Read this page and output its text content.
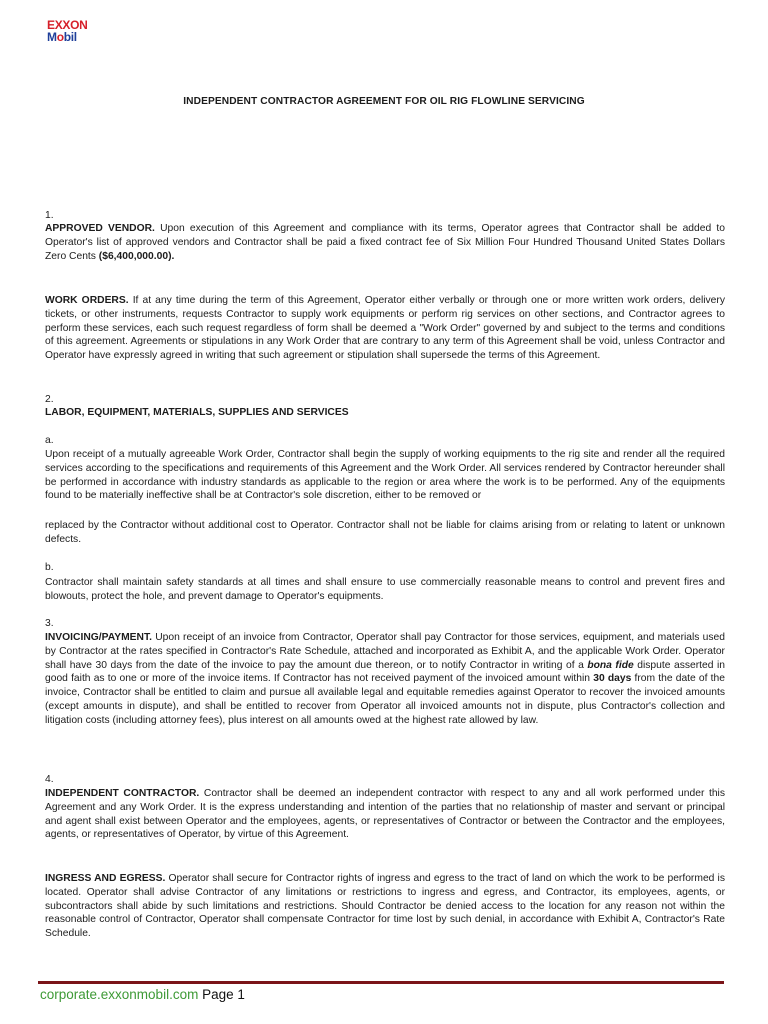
EXXON
Mobil
INDEPENDENT CONTRACTOR AGREEMENT FOR OIL RIG FLOWLINE SERVICING
1.

APPROVED VENDOR. Upon execution of this Agreement and compliance with its terms, Operator agrees that Contractor shall be added to Operator's list of approved vendors and Contractor shall be paid a fixed contract fee of Six Million Four Hundred Thousand United States Dollars Zero Cents ($6,400,000.00).

WORK ORDERS. If at any time during the term of this Agreement, Operator either verbally or through one or more written work orders, delivery tickets, or other instruments, requests Contractor to supply work equipments or perform rig services on other sections, and Contractor agrees to perform these services, each such request regardless of form shall be deemed a "Work Order" governed by and subject to the terms and conditions of this agreement. Agreements or stipulations in any Work Order that are contrary to any term of this Agreement shall be void, unless Contractor and Operator have expressly agreed in writing that such agreement or stipulation shall supersede the terms of this Agreement.

2.
LABOR, EQUIPMENT, MATERIALS, SUPPLIES AND SERVICES
a.

Upon receipt of a mutually agreeable Work Order, Contractor shall begin the supply of working equipments to the rig site and render all the required services according to the specifications and requirements of this Agreement and the Work Order. All services rendered by Contractor hereunder shall be performed in accordance with industry standards as applicable to the region or area where the work is to be performed. Any of the equipments found to be materially ineffective shall be at Contractor's sole discretion, either to be removed or

replaced by the Contractor without additional cost to Operator. Contractor shall not be liable for claims arising from or relating to latent or unknown defects.

b.

Contractor shall maintain safety standards at all times and shall ensure to use commercially reasonable means to control and prevent fires and blowouts, protect the hole, and prevent damage to Operator's equipments.

3.

INVOICING/PAYMENT. Upon receipt of an invoice from Contractor, Operator shall pay Contractor for those services, equipment, and materials used by Contractor at the rates specified in Contractor's Rate Schedule, attached and incorporated as Exhibit A, and the applicable Work Order. Operator shall have 30 days from the date of the invoice to pay the amount due thereon, or to notify Contractor in writing of a bona fide dispute asserted in good faith as to one or more of the invoice items. If Contractor has not received payment of the invoiced amount within 30 days from the date of the invoice, Contractor shall be entitled to claim and pursue all available legal and equitable remedies against Operator to recover the invoiced amounts (except amounts in dispute), and shall be entitled to recover from Operator all invoiced amounts not in dispute, plus Contractor's collection and litigation costs (including attorney fees), plus interest on all amounts owed at the highest rate allowed by law.

4.

INDEPENDENT CONTRACTOR. Contractor shall be deemed an independent contractor with respect to any and all work performed under this Agreement and any Work Order. It is the express understanding and intention of the parties that no relationship of master and servant or principal and agent shall exist between Operator and the employees, agents, or representatives of Contractor or between the Contractor and the employees, agents, or representatives of Operator, by virtue of this Agreement.

INGRESS AND EGRESS. Operator shall secure for Contractor rights of ingress and egress to the tract of land on which the work to be performed is located. Operator shall advise Contractor of any limitations or restrictions to ingress and egress, and Contractor, its employees, agents, or subcontractors shall abide by such limitations and restrictions. Should Contractor be denied access to the location for any reason not within the reasonable control of Contractor, Operator shall compensate Contractor for time lost by such denial, in accordance with Exhibit A, Contractor's Rate Schedule.

corporate.exxonmobil.com Page 1
